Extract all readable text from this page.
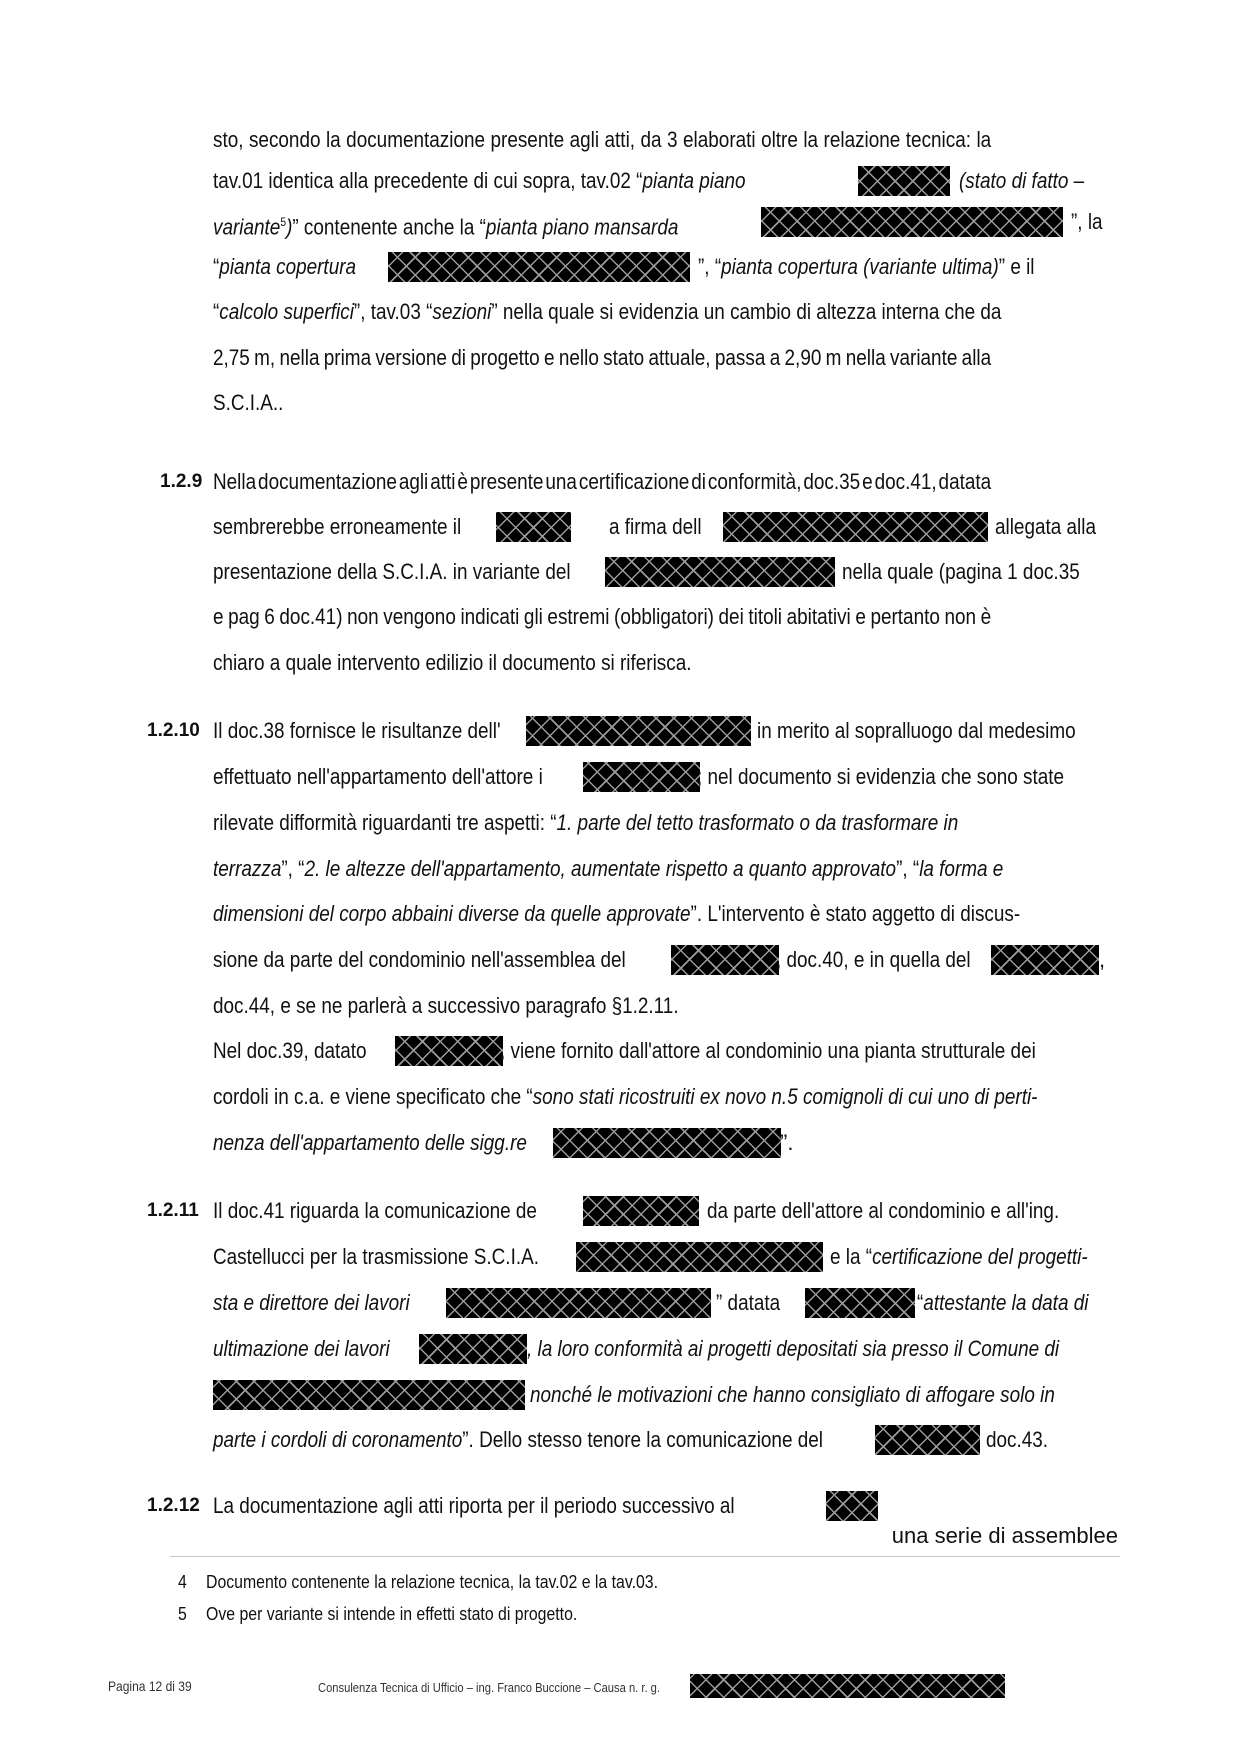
sto, secondo la documentazione presente agli atti, da 3 elaborati oltre la relazione tecnica: la
tav.01 identica alla precedente di cui sopra, tav.02 “pianta piano	(stato di fatto –
variante$^5$)” contenente anche la “pianta piano mansarda	”, la
“pianta copertura	”, “pianta copertura (variante ultima)” e il
“calcolo superfici”, tav.03 “sezioni” nella quale si evidenzia un cambio di altezza interna che da
2,75 m, nella prima versione di progetto e nello stato attuale, passa a 2,90 m nella variante alla
S.C.I.A..
1.2.9 Nella documentazione agli atti è presente una certificazione di conformità, doc.35 e doc.41, datata
sembrerebbe erroneamente il	a firma dell	allegata alla
presentazione della S.C.I.A. in variante del	nella quale (pagina 1 doc.35
e pag 6 doc.41) non vengono indicati gli estremi (obbligatori) dei titoli abitativi e pertanto non è
chiaro a quale intervento edilizio il documento si riferisca.
1.2.10 Il doc.38 fornisce le risultanze dell'	in merito al sopralluogo dal medesimo
effettuato nell'appartamento dell'attore i	; nel documento si evidenzia che sono state
rilevate difformità riguardanti tre aspetti: “1. parte del tetto trasformato o da trasformare in
terrazza”, “2. le altezze dell'appartamento, aumentate rispetto a quanto approvato”, “la forma e
dimensioni del corpo abbaini diverse da quelle approvate”. L'intervento è stato aggetto di discus-
sione da parte del condominio nell'assemblea del	, doc.40, e in quella del	,
doc.44, e se ne parlerà a successivo paragrafo §1.2.11.
Nel doc.39, datato	, viene fornito dall'attore al condominio una pianta strutturale dei
cordoli in c.a. e viene specificato che “sono stati ricostruiti ex novo n.5 comignoli di cui uno di perti-
nenza dell'appartamento delle sigg.re	”.
1.2.11 Il doc.41 riguarda la comunicazione de	da parte dell'attore al condominio e all'ing.
Castellucci per la trasmissione S.C.I.A.	e la “certificazione del progetti-
sta e direttore dei lavori	” datata	“attestante la data di
ultimazione dei lavori	, la loro conformità ai progetti depositati sia presso il Comune di
nonché le motivazioni che hanno consigliato di affogare solo in
parte i cordoli di coronamento”. Dello stesso tenore la comunicazione del	doc.43.
1.2.12 La documentazione agli atti riporta per il periodo successivo al
una serie di assemblee
4 Documento contenente la relazione tecnica, la tav.02 e la tav.03.
5 Ove per variante si intende in effetti stato di progetto.
Pagina 12 di 39	Consulenza Tecnica di Ufficio – ing. Franco Buccione – Causa n. r. g.
